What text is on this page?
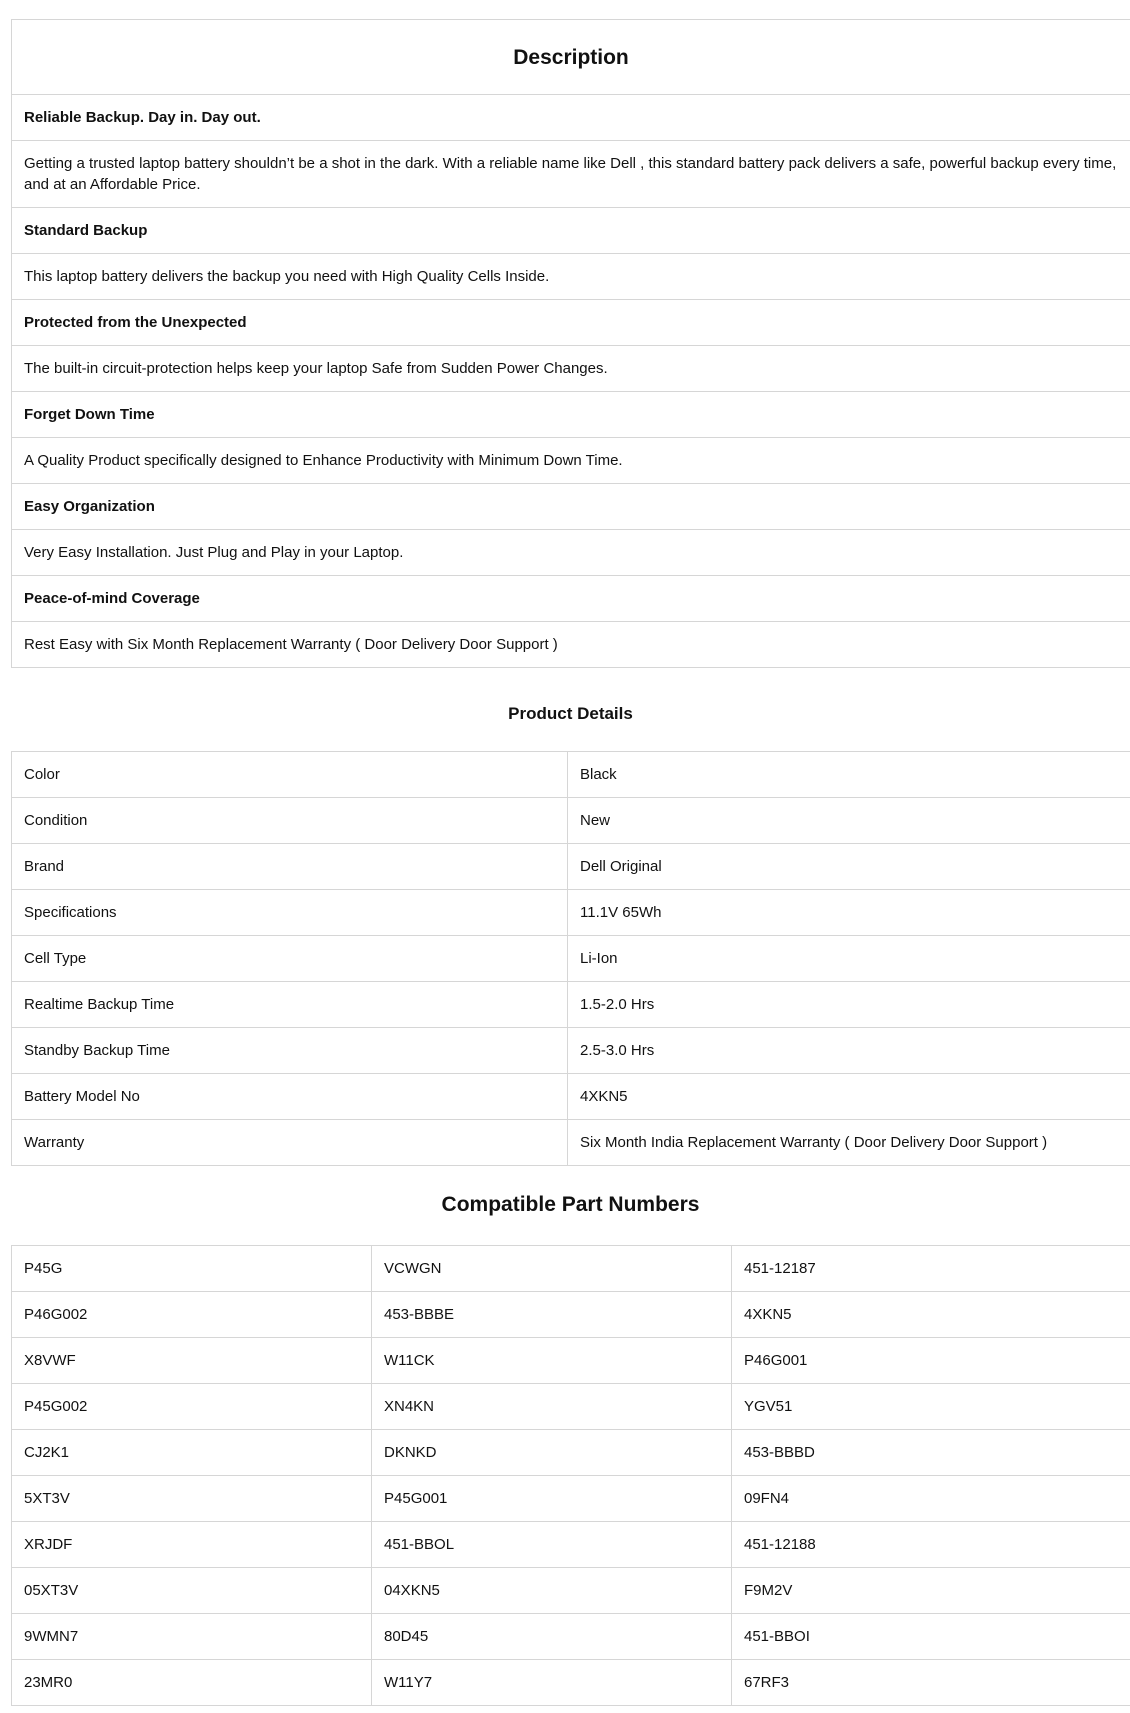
Description
Reliable Backup. Day in. Day out.
Getting a trusted laptop battery shouldn’t be a shot in the dark. With a reliable name like Dell , this standard battery pack delivers a safe, powerful backup every time, and at an Affordable Price.
Standard Backup
This laptop battery delivers the backup you need with High Quality Cells Inside.
Protected from the Unexpected
The built-in circuit-protection helps keep your laptop Safe from Sudden Power Changes.
Forget Down Time
A Quality Product specifically designed to Enhance Productivity with Minimum Down Time.
Easy Organization
Very Easy Installation. Just Plug and Play in your Laptop.
Peace-of-mind Coverage
Rest Easy with Six Month Replacement Warranty ( Door Delivery Door Support )
Product Details
Color	Black
Condition	New
Brand	Dell Original
Specifications	11.1V 65Wh
Cell Type	Li-Ion
Realtime Backup Time	1.5-2.0 Hrs
Standby Backup Time	2.5-3.0 Hrs
Battery Model No	4XKN5
Warranty	Six Month India Replacement Warranty ( Door Delivery Door Support )
Compatible Part Numbers
P45G	VCWGN	451-12187
P46G002	453-BBBE	4XKN5
X8VWF	W11CK	P46G001
P45G002	XN4KN	YGV51
CJ2K1	DKNKD	453-BBBD
5XT3V	P45G001	09FN4
XRJDF	451-BBOL	451-12188
05XT3V	04XKN5	F9M2V
9WMN7	80D45	451-BBOI
23MR0	W11Y7	67RF3
